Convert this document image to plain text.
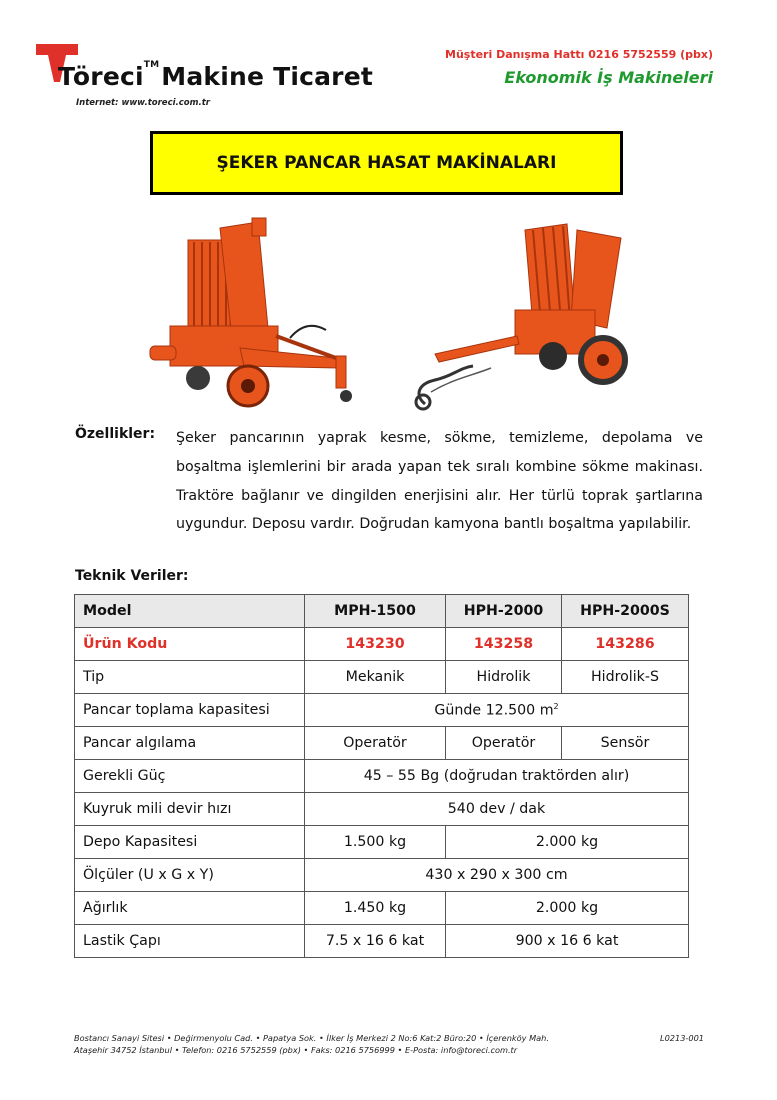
Töreci™Makine Ticaret
Internet: www.toreci.com.tr
Müşteri Danışma Hattı 0216 5752559 (pbx)
Ekonomik İş Makineleri
ŞEKER PANCAR HASAT MAKİNALARI
Özellikler: Şeker pancarının yaprak kesme, sökme, temizleme, depolama ve boşaltma işlemlerini bir arada yapan tek sıralı kombine sökme makinası. Traktöre bağlanır ve dingilden enerjisini alır. Her türlü toprak şartlarına uygundur. Deposu vardır. Doğrudan kamyona bantlı boşaltma yapılabilir.
Teknik Veriler:
Model	MPH-1500	HPH-2000	HPH-2000S
Ürün Kodu	143230	143258	143286
Tip	Mekanik	Hidrolik	Hidrolik-S
Pancar toplama kapasitesi	Günde 12.500 $m^2$
Pancar algılama	Operatör	Operatör	Sensör
Gerekli Güç	45 – 55 Bg (doğrudan traktörden alır)		
Kuyruk mili devir hızı	540 dev / dak		
Depo Kapasitesi	1.500 kg	2.000 kg	
Ölçüler (U x G x Y)	430 x 290 x 300 cm		
Ağırlık	1.450 kg	2.000 kg	
Lastik Çapı	7.5 x 16 6 kat	900 x 16 6 kat	
Bostancı Sanayi Sitesi • Değirmenyolu Cad. • Papatya Sok. • İlker İş Merkezi 2 No:6 Kat:2 Büro:20 • İçerenköy Mah.
Ataşehir 34752 İstanbul • Telefon: 0216 5752559 (pbx) • Faks: 0216 5756999 • E-Posta: info@toreci.com.tr
L0213-001
